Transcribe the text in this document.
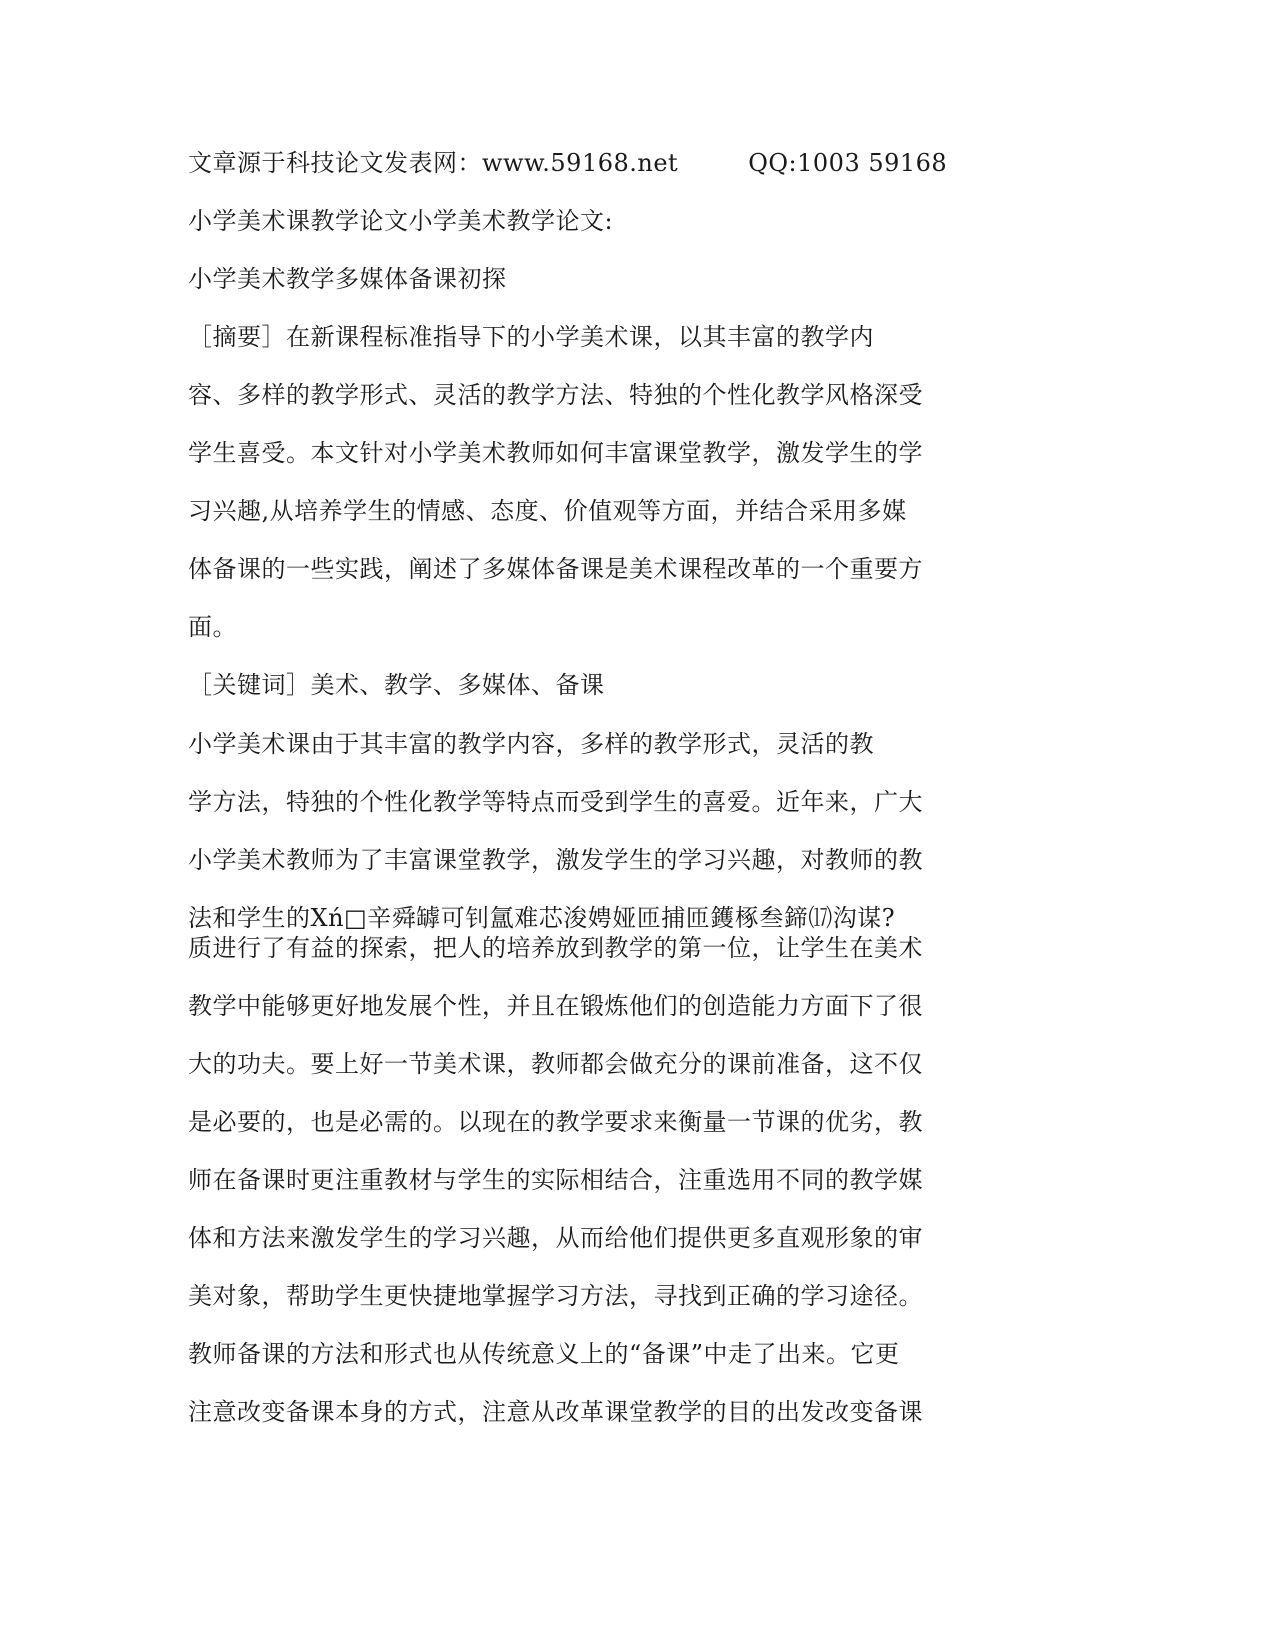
文章源于科技论文发表网：www.59168.net	QQ:1003 59168
小学美术课教学论文小学美术教学论文:
小学美术教学多媒体备课初探
［摘要］在新课程标准指导下的小学美术课，以其丰富的教学内
容、多样的教学形式、灵活的教学方法、特独的个性化教学风格深受
学生喜受。本文针对小学美术教师如何丰富课堂教学，激发学生的学
习兴趣,从培养学生的情感、态度、价值观等方面，并结合采用多媒
体备课的一些实践，阐述了多媒体备课是美术课程改革的一个重要方
面。
［关键词］美术、教学、多媒体、备课
小学美术课由于其丰富的教学内容，多样的教学形式，灵活的教
学方法，特独的个性化教学等特点而受到学生的喜爱。近年来，广大
小学美术教师为了丰富课堂教学，激发学生的学习兴趣，对教师的教
法和学生的Xń□辛舜罅可钊氲难芯浚娉娅匝捕匝鑊椓叁鍗⒄沟谋?
质进行了有益的探索，把人的培养放到教学的第一位，让学生在美术
教学中能够更好地发展个性，并且在锻炼他们的创造能力方面下了很
大的功夫。要上好一节美术课，教师都会做充分的课前准备，这不仅
是必要的，也是必需的。以现在的教学要求来衡量一节课的优劣，教
师在备课时更注重教材与学生的实际相结合，注重选用不同的教学媒
体和方法来激发学生的学习兴趣，从而给他们提供更多直观形象的审
美对象，帮助学生更快捷地掌握学习方法，寻找到正确的学习途径。
教师备课的方法和形式也从传统意义上的“备课”中走了出来。它更
注意改变备课本身的方式，注意从改革课堂教学的目的出发改变备课
